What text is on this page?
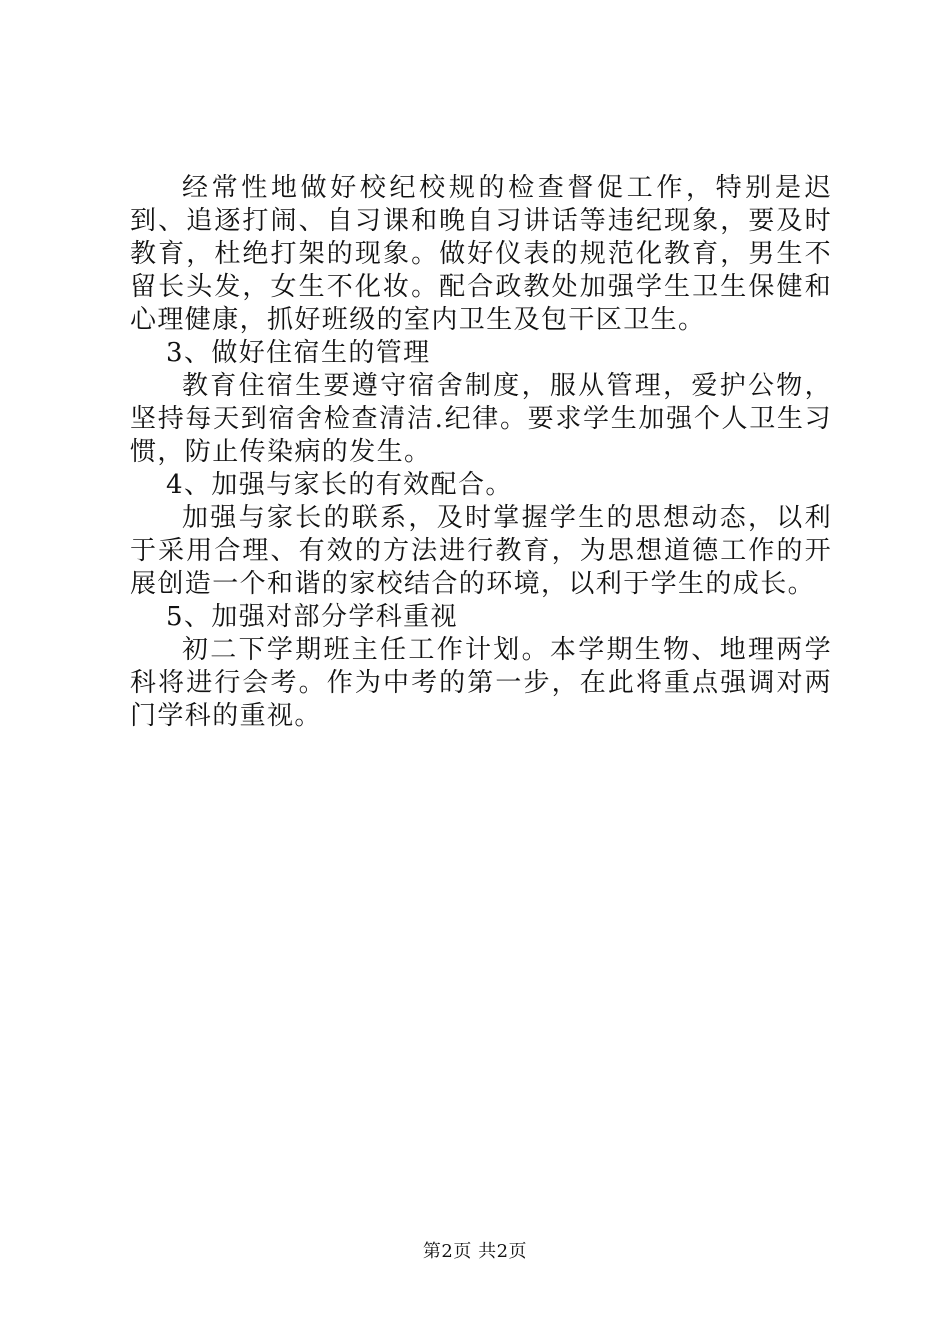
经常性地做好校纪校规的检查督促工作，特别是迟到、追逐打闹、自习课和晚自习讲话等违纪现象，要及时教育，杜绝打架的现象。做好仪表的规范化教育，男生不留长头发，女生不化妆。配合政教处加强学生卫生保健和心理健康，抓好班级的室内卫生及包干区卫生。

3、做好住宿生的管理

教育住宿生要遵守宿舍制度，服从管理，爱护公物，坚持每天到宿舍检查清洁.纪律。要求学生加强个人卫生习惯，防止传染病的发生。

4、加强与家长的有效配合。

加强与家长的联系，及时掌握学生的思想动态，以利于采用合理、有效的方法进行教育，为思想道德工作的开展创造一个和谐的家校结合的环境，以利于学生的成长。

5、加强对部分学科重视

初二下学期班主任工作计划。本学期生物、地理两学科将进行会考。作为中考的第一步，在此将重点强调对两门学科的重视。

第2页 共2页
